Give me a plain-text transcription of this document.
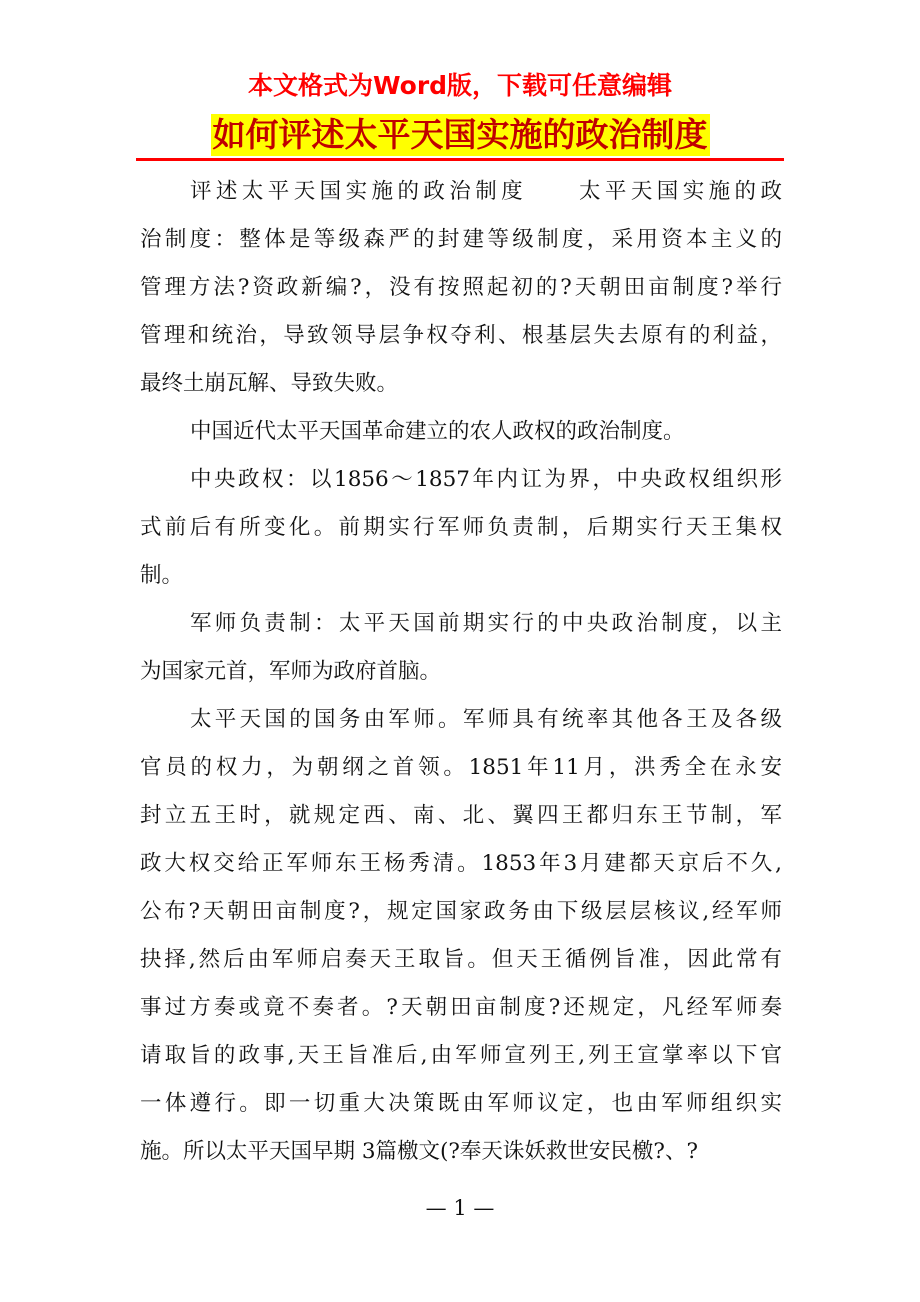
本文格式为Word版，下载可任意编辑
如何评述太平天国实施的政治制度
评述太平天国实施的政治制度　　太平天国实施的政
治制度：整体是等级森严的封建等级制度，采用资本主义的
管理方法?资政新编?，没有按照起初的?天朝田亩制度?举行
管理和统治，导致领导层争权夺利、根基层失去原有的利益，
最终土崩瓦解、导致失败。
中国近代太平天国革命建立的农人政权的政治制度。
中央政权：以1856～1857年内讧为界，中央政权组织形
式前后有所变化。前期实行军师负责制，后期实行天王集权
制。
军师负责制：太平天国前期实行的中央政治制度，以主
为国家元首，军师为政府首脑。
太平天国的国务由军师。军师具有统率其他各王及各级
官员的权力，为朝纲之首领。1851年11月，洪秀全在永安
封立五王时，就规定西、南、北、翼四王都归东王节制，军
政大权交给正军师东王杨秀清。1853年3月建都天京后不久,
公布?天朝田亩制度?，规定国家政务由下级层层核议,经军师
抉择,然后由军师启奏天王取旨。但天王循例旨准，因此常有
事过方奏或竟不奏者。?天朝田亩制度?还规定，凡经军师奏
请取旨的政事,天王旨准后,由军师宣列王,列王宣掌率以下官
一体遵行。即一切重大决策既由军师议定，也由军师组织实
施。所以太平天国早期 3篇檄文(?奉天诛妖救世安民檄?、?
— 1 —
